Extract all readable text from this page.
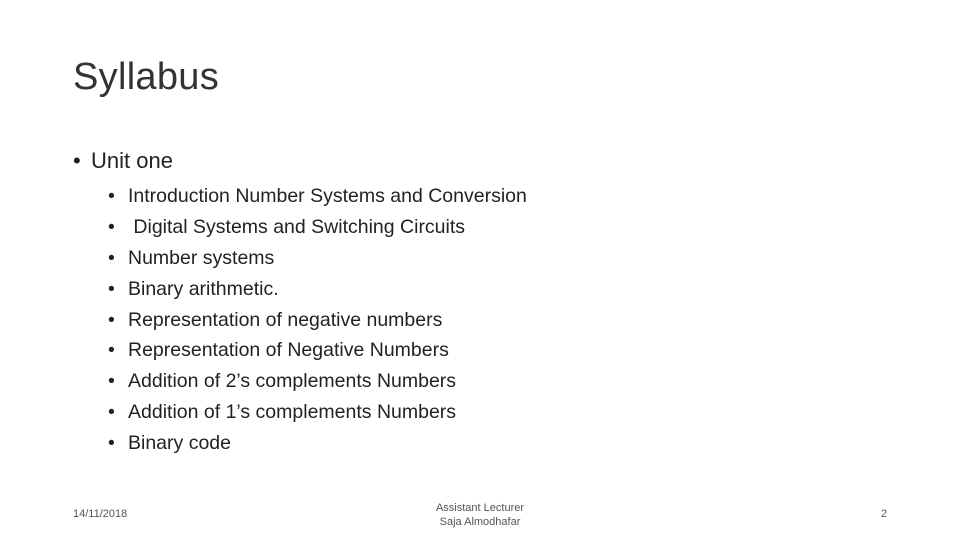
Syllabus
• Unit one
• Introduction Number Systems and Conversion
• Digital Systems and Switching Circuits
• Number systems
• Binary arithmetic.
• Representation of negative numbers
• Representation of Negative Numbers
• Addition of 2’s complements Numbers
• Addition of 1’s complements Numbers
• Binary code
14/11/2018	Assistant Lecturer
Saja Almodhafar
2
